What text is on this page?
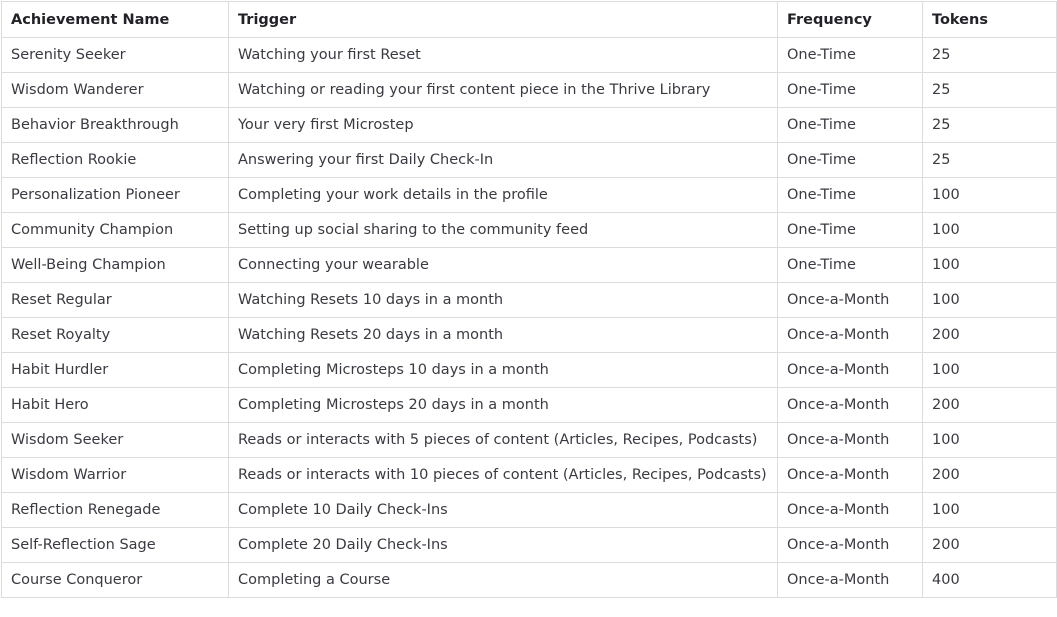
Achievement Name	Trigger	Frequency	Tokens
Serenity Seeker	Watching your first Reset	One-Time	25
Wisdom Wanderer	Watching or reading your first content piece in the Thrive Library	One-Time	25
Behavior Breakthrough	Your very first Microstep	One-Time	25
Reflection Rookie	Answering your first Daily Check-In	One-Time	25
Personalization Pioneer	Completing your work details in the profile	One-Time	100
Community Champion	Setting up social sharing to the community feed	One-Time	100
Well-Being Champion	Connecting your wearable	One-Time	100
Reset Regular	Watching Resets 10 days in a month	Once-a-Month	100
Reset Royalty	Watching Resets 20 days in a month	Once-a-Month	200
Habit Hurdler	Completing Microsteps 10 days in a month	Once-a-Month	100
Habit Hero	Completing Microsteps 20 days in a month	Once-a-Month	200
Wisdom Seeker	Reads or interacts with 5 pieces of content (Articles, Recipes, Podcasts)	Once-a-Month	100
Wisdom Warrior	Reads or interacts with 10 pieces of content (Articles, Recipes, Podcasts)	Once-a-Month	200
Reflection Renegade	Complete 10 Daily Check-Ins	Once-a-Month	100
Self-Reflection Sage	Complete 20 Daily Check-Ins	Once-a-Month	200
Course Conqueror	Completing a Course	Once-a-Month	400
